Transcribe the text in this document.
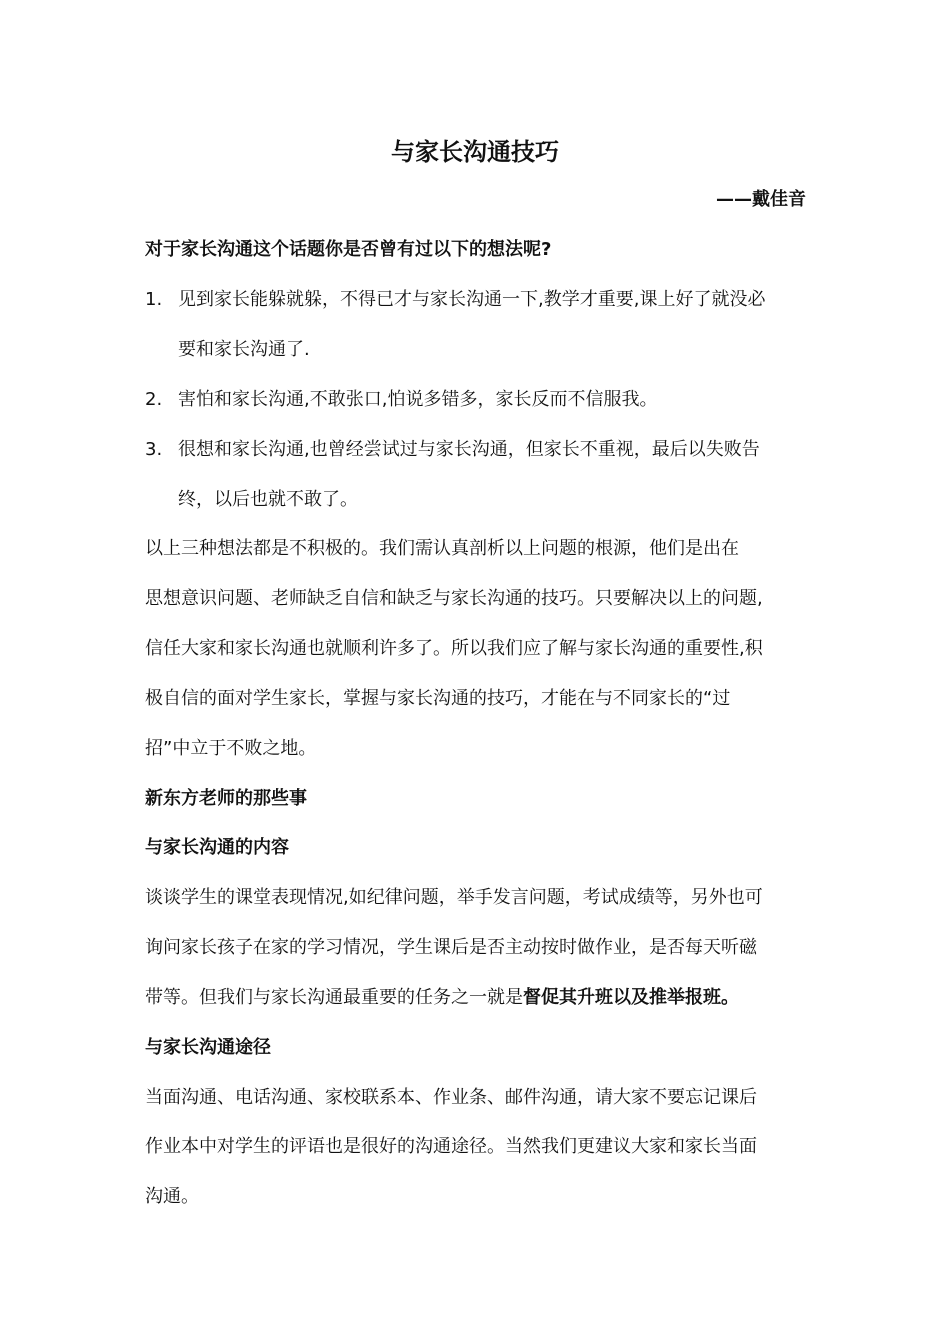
与家长沟通技巧
——戴佳音
对于家长沟通这个话题你是否曾有过以下的想法呢?
1. 见到家长能躲就躲，不得已才与家长沟通一下,教学才重要,课上好了就没必
要和家长沟通了.
2. 害怕和家长沟通,不敢张口,怕说多错多，家长反而不信服我。
3. 很想和家长沟通,也曾经尝试过与家长沟通，但家长不重视，最后以失败告
终，以后也就不敢了。
以上三种想法都是不积极的。我们需认真剖析以上问题的根源，他们是出在
思想意识问题、老师缺乏自信和缺乏与家长沟通的技巧。只要解决以上的问题,
信任大家和家长沟通也就顺利许多了。所以我们应了解与家长沟通的重要性,积
极自信的面对学生家长，掌握与家长沟通的技巧，才能在与不同家长的“过
招”中立于不败之地。
新东方老师的那些事
与家长沟通的内容
谈谈学生的课堂表现情况,如纪律问题，举手发言问题，考试成绩等，另外也可
询问家长孩子在家的学习情况，学生课后是否主动按时做作业，是否每天听磁
带等。但我们与家长沟通最重要的任务之一就是督促其升班以及推举报班。
与家长沟通途径
当面沟通、电话沟通、家校联系本、作业条、邮件沟通，请大家不要忘记课后
作业本中对学生的评语也是很好的沟通途径。当然我们更建议大家和家长当面
沟通。
